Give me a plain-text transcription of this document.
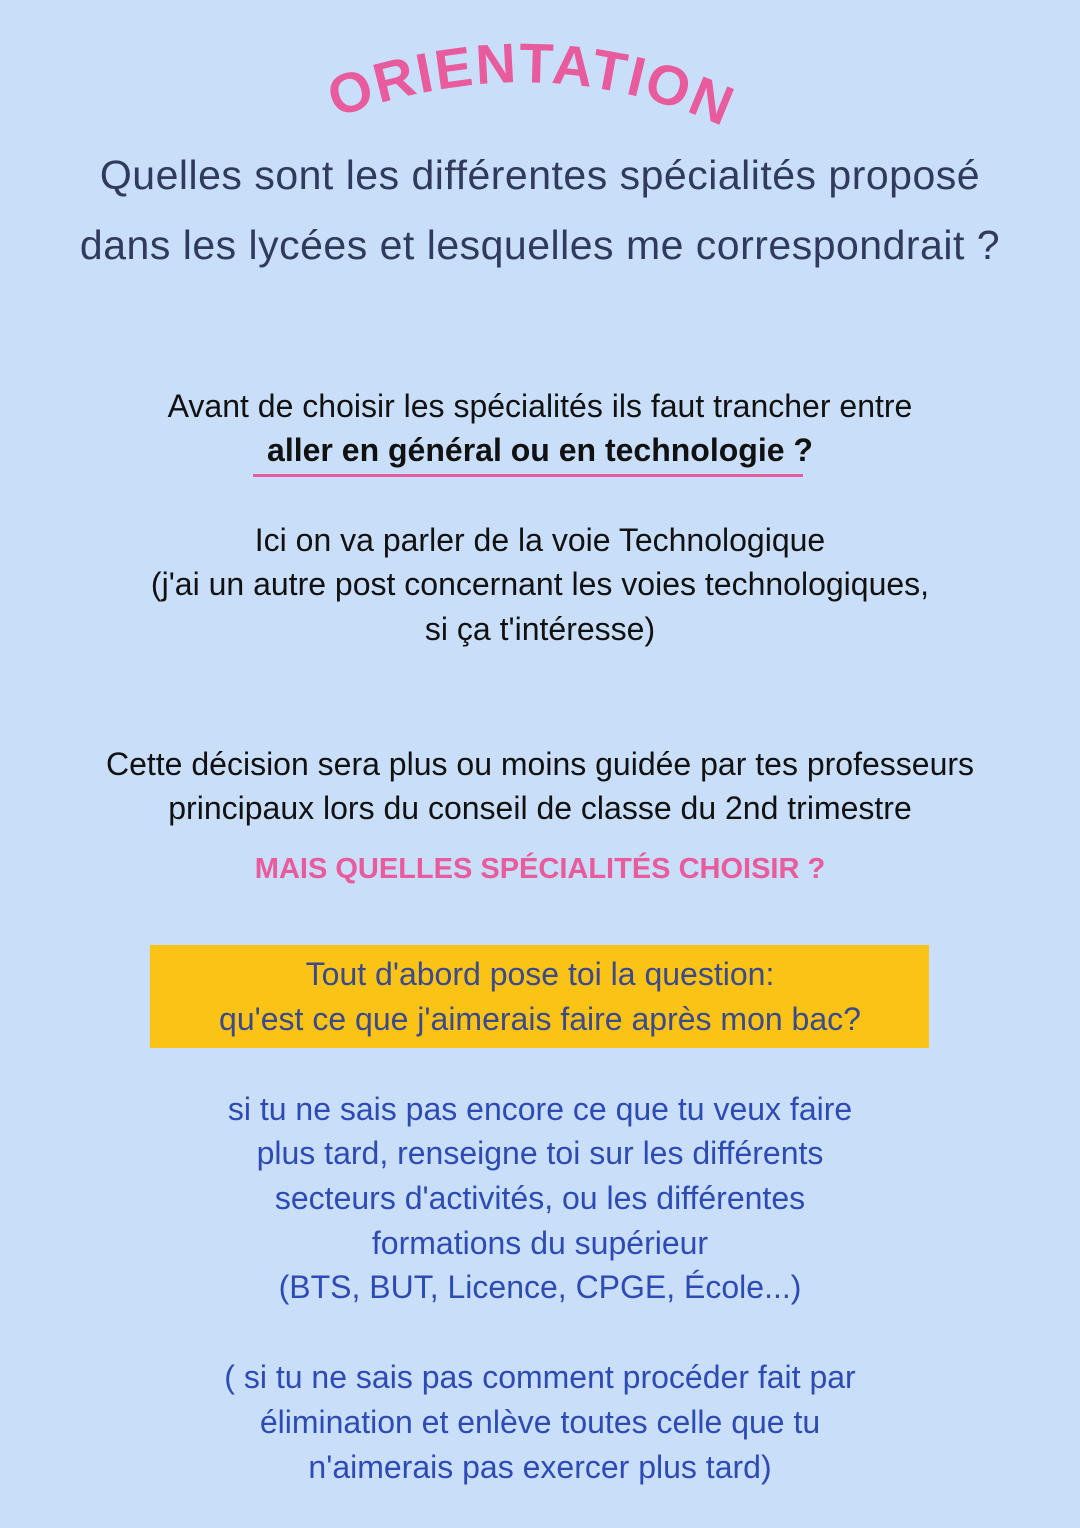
ORIENTATION
Quelles sont les différentes spécialités proposé
dans les lycées et lesquelles me correspondrait ?
Avant de choisir les spécialités ils faut trancher entre
aller en général ou en technologie ?
Ici on va parler de la voie Technologique
(j'ai un autre post concernant les voies technologiques,
si ça t'intéresse)
Cette décision sera plus ou moins guidée par tes professeurs
principaux lors du conseil de classe du 2nd trimestre
MAIS QUELLES SPÉCIALITÉS CHOISIR ?
Tout d'abord pose toi la question:
qu'est ce que j'aimerais faire après mon bac?
si tu ne sais pas encore ce que tu veux faire
plus tard, renseigne toi sur les différents
secteurs d'activités, ou les différentes
formations du supérieur
(BTS, BUT, Licence, CPGE, École...)
( si tu ne sais pas comment procéder fait par
élimination et enlève toutes celle que tu
n'aimerais pas exercer plus tard)
